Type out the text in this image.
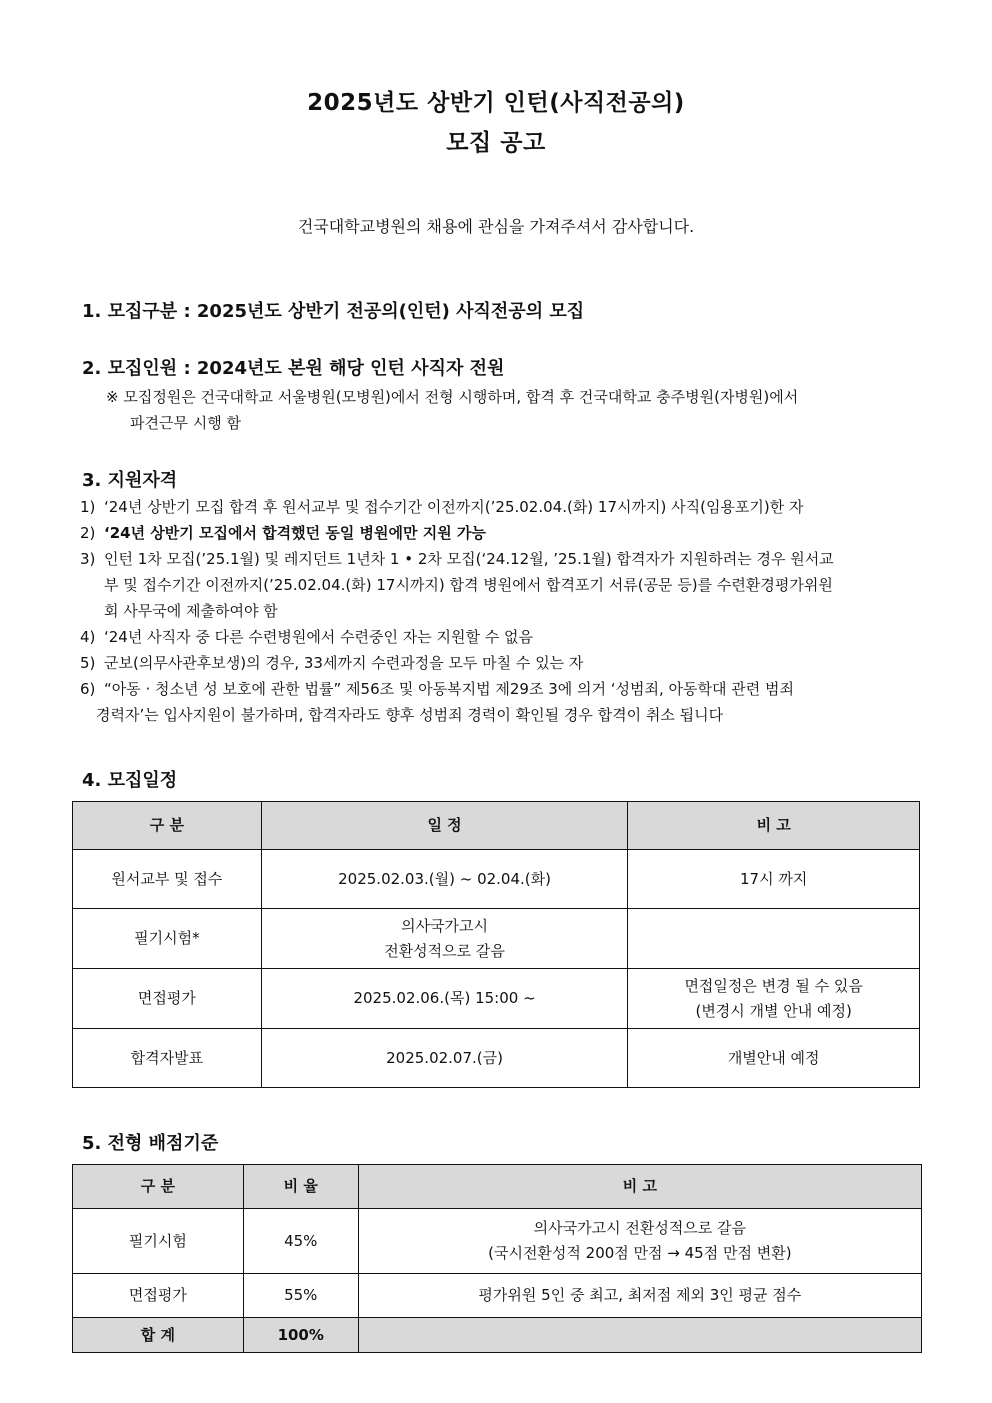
2025년도 상반기 인턴(사직전공의)
모집 공고
건국대학교병원의 채용에 관심을 가져주셔서 감사합니다.
1. 모집구분 : 2025년도 상반기 전공의(인턴) 사직전공의 모집
2. 모집인원 : 2024년도 본원 해당 인턴 사직자 전원
※ 모집정원은 건국대학교 서울병원(모병원)에서 전형 시행하며, 합격 후 건국대학교 충주병원(자병원)에서
파견근무 시행 함
3. 지원자격
1) ‘24년 상반기 모집 합격 후 원서교부 및 접수기간 이전까지(’25.02.04.(화) 17시까지) 사직(임용포기)한 자
2) ‘24년 상반기 모집에서 합격했던 동일 병원에만 지원 가능
3) 인턴 1차 모집(’25.1월) 및 레지던트 1년차 1 • 2차 모집(‘24.12월, ’25.1월) 합격자가 지원하려는 경우 원서교
부 및 접수기간 이전까지(’25.02.04.(화) 17시까지) 합격 병원에서 합격포기 서류(공문 등)를 수련환경평가위원
회 사무국에 제출하여야 함
4) ‘24년 사직자 중 다른 수련병원에서 수련중인 자는 지원할 수 없음
5) 군보(의무사관후보생)의 경우, 33세까지 수련과정을 모두 마칠 수 있는 자
6) “아동 · 청소년 성 보호에 관한 법률” 제56조 및 아동복지법 제29조 3에 의거 ‘성범죄, 아동학대 관련 범죄
경력자’는 입사지원이 불가하며, 합격자라도 향후 성범죄 경력이 확인될 경우 합격이 취소 됩니다
4. 모집일정
구 분	일 정	비 고
원서교부 및 접수	2025.02.03.(월) ~ 02.04.(화)	17시 까지

필기시험*	의사국가고시
전환성적으로 갈음	

면접평가	2025.02.06.(목) 15:00 ~	면접일정은 변경 될 수 있음
(변경시 개별 안내 예정)

합격자발표	2025.02.07.(금)	개별안내 예정
5. 전형 배점기준
구 분	비 율	비 고
필기시험	45%	의사국가고시 전환성적으로 갈음
(국시전환성적 200점 만점 → 45점 만점 변환)

면접평가	55%	평가위원 5인 중 최고, 최저점 제외 3인 평균 점수

합 계	100%	
